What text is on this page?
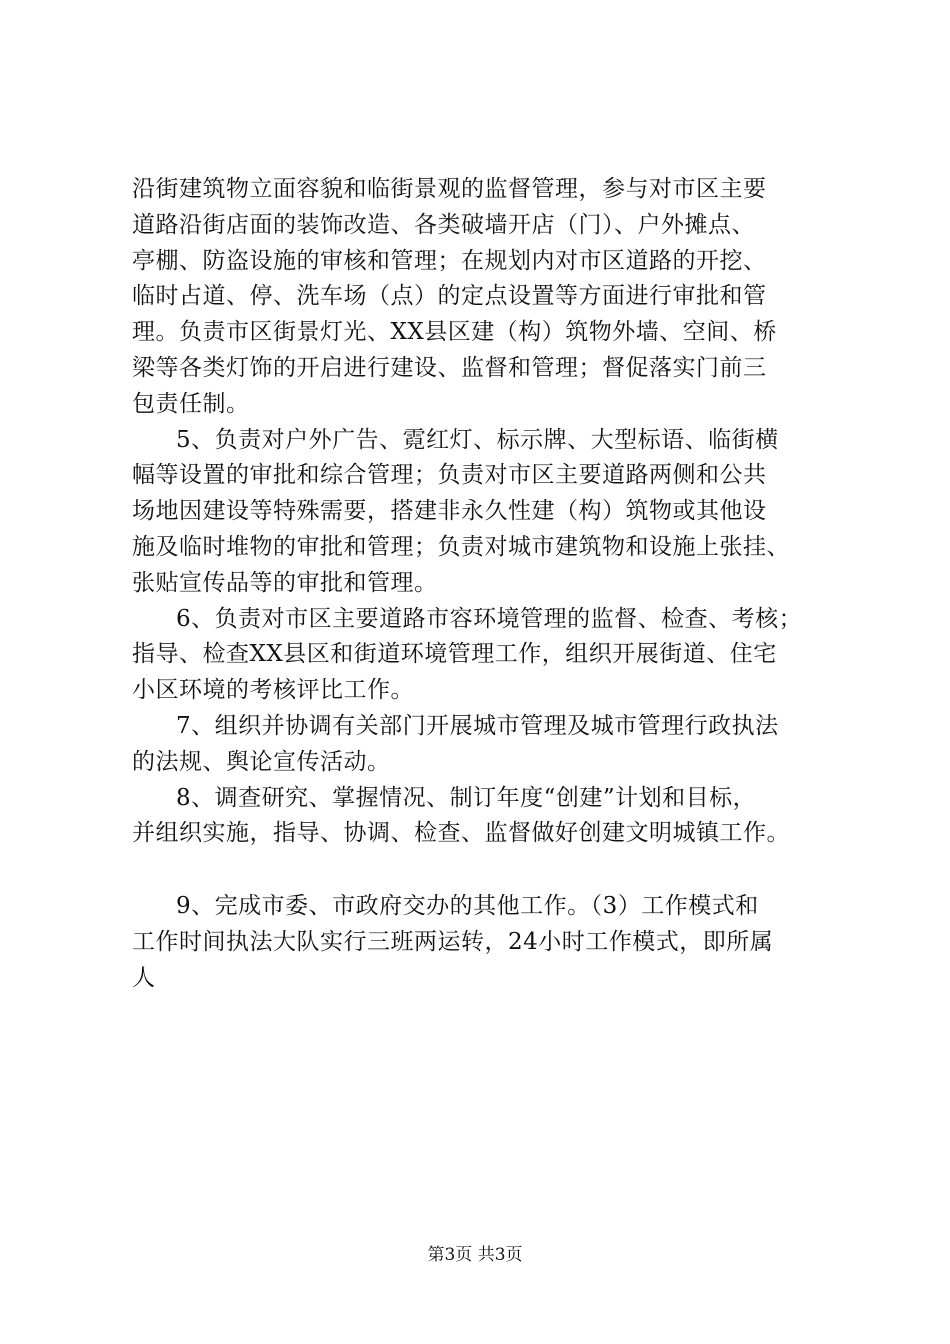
沿街建筑物立面容貌和临街景观的监督管理，参与对市区主要
道路沿街店面的装饰改造、各类破墙开店（门）、户外摊点、
亭棚、防盗设施的审核和管理；在规划内对市区道路的开挖、
临时占道、停、洗车场（点）的定点设置等方面进行审批和管
理。负责市区街景灯光、XX县区建（构）筑物外墙、空间、桥
梁等各类灯饰的开启进行建设、监督和管理；督促落实门前三
包责任制。
5、负责对户外广告、霓红灯、标示牌、大型标语、临街横
幅等设置的审批和综合管理；负责对市区主要道路两侧和公共
场地因建设等特殊需要，搭建非永久性建（构）筑物或其他设
施及临时堆物的审批和管理；负责对城市建筑物和设施上张挂、
张贴宣传品等的审批和管理。
6、负责对市区主要道路市容环境管理的监督、检查、考核；
指导、检查XX县区和街道环境管理工作，组织开展街道、住宅
小区环境的考核评比工作。
7、组织并协调有关部门开展城市管理及城市管理行政执法
的法规、舆论宣传活动。
8、调查研究、掌握情况、制订年度“创建”计划和目标，
并组织实施，指导、协调、检查、监督做好创建文明城镇工作。
9、完成市委、市政府交办的其他工作。（3）工作模式和
工作时间执法大队实行三班两运转，24小时工作模式，即所属
人
第3页 共3页
